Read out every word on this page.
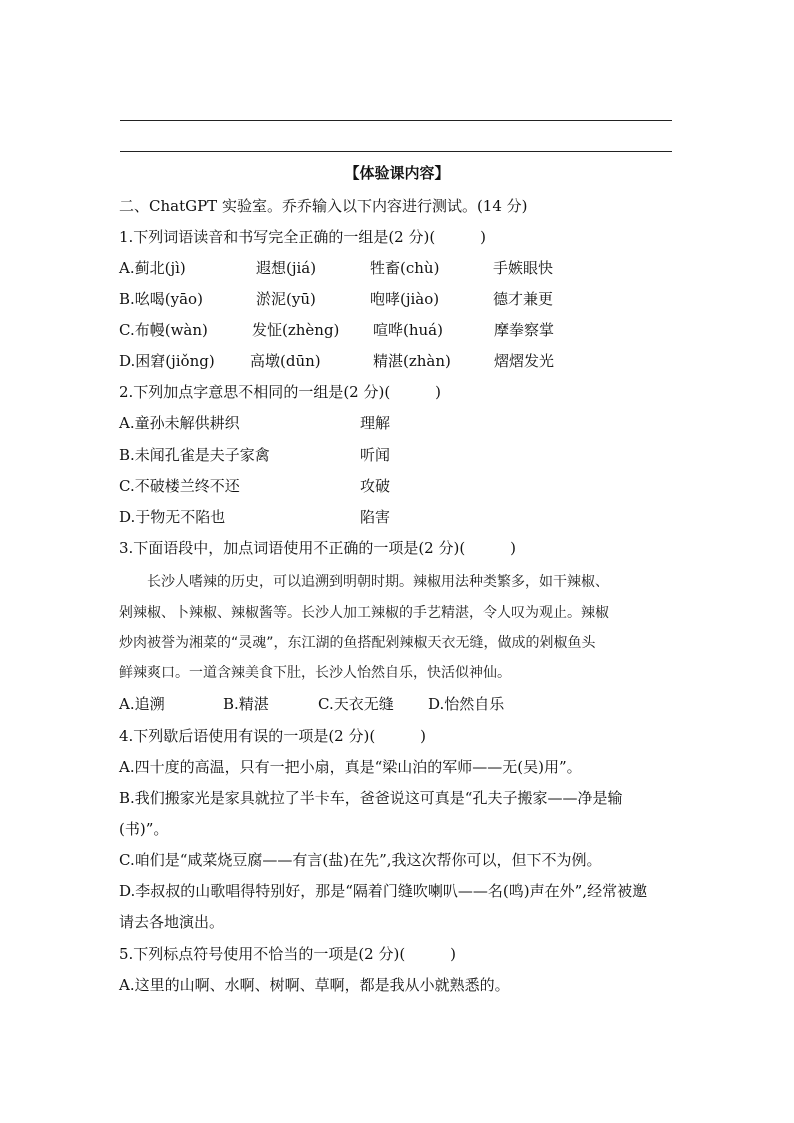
【体验课内容】
二、ChatGPT 实验室。乔乔输入以下内容进行测试。(14 分)
1.下列词语读音和书写完全正确的一组是(2 分)(　　　)
A.蓟北(jì)	遐想(jiá)	牲畜(chù)	手嫉眼快
B.吆喝(yāo)	淤泥(yū)	咆哮(jiào)	德才兼更
C.布幔(wàn)	发怔(zhèng) 喧哗(huá)	摩拳察掌
D.困窘(jiǒng) 高墩(dūn)	精湛(zhàn)	熠熠发光
2.下列加点字意思不相同的一组是(2 分)(　　　)
A.童孙未解供耕织	理解
B.未闻孔雀是夫子家禽	听闻
C.不破楼兰终不还	攻破
D.于物无不陷也	陷害
3.下面语段中，加点词语使用不正确的一项是(2 分)(　　　)
　　长沙人嗜辣的历史，可以追溯到明朝时期。辣椒用法种类繁多，如干辣椒、
剁辣椒、卜辣椒、辣椒酱等。长沙人加工辣椒的手艺精湛，令人叹为观止。辣椒
炒肉被誉为湘菜的“灵魂”，东江湖的鱼搭配剁辣椒天衣无缝，做成的剁椒鱼头
鲜辣爽口。一道含辣美食下肚，长沙人怡然自乐，快活似神仙。
A.追溯	B.精湛	C.天衣无缝 D.怡然自乐
4.下列歇后语使用有误的一项是(2 分)(　　　)
A.四十度的高温，只有一把小扇，真是“梁山泊的军师——无(吴)用”。
B.我们搬家光是家具就拉了半卡车，爸爸说这可真是“孔夫子搬家——净是输
(书)”。
C.咱们是“咸菜烧豆腐——有言(盐)在先”,我这次帮你可以，但下不为例。
D.李叔叔的山歌唱得特别好，那是“隔着门缝吹喇叭——名(鸣)声在外”,经常被邀
请去各地演出。
5.下列标点符号使用不恰当的一项是(2 分)(　　　)
A.这里的山啊、水啊、树啊、草啊，都是我从小就熟悉的。
